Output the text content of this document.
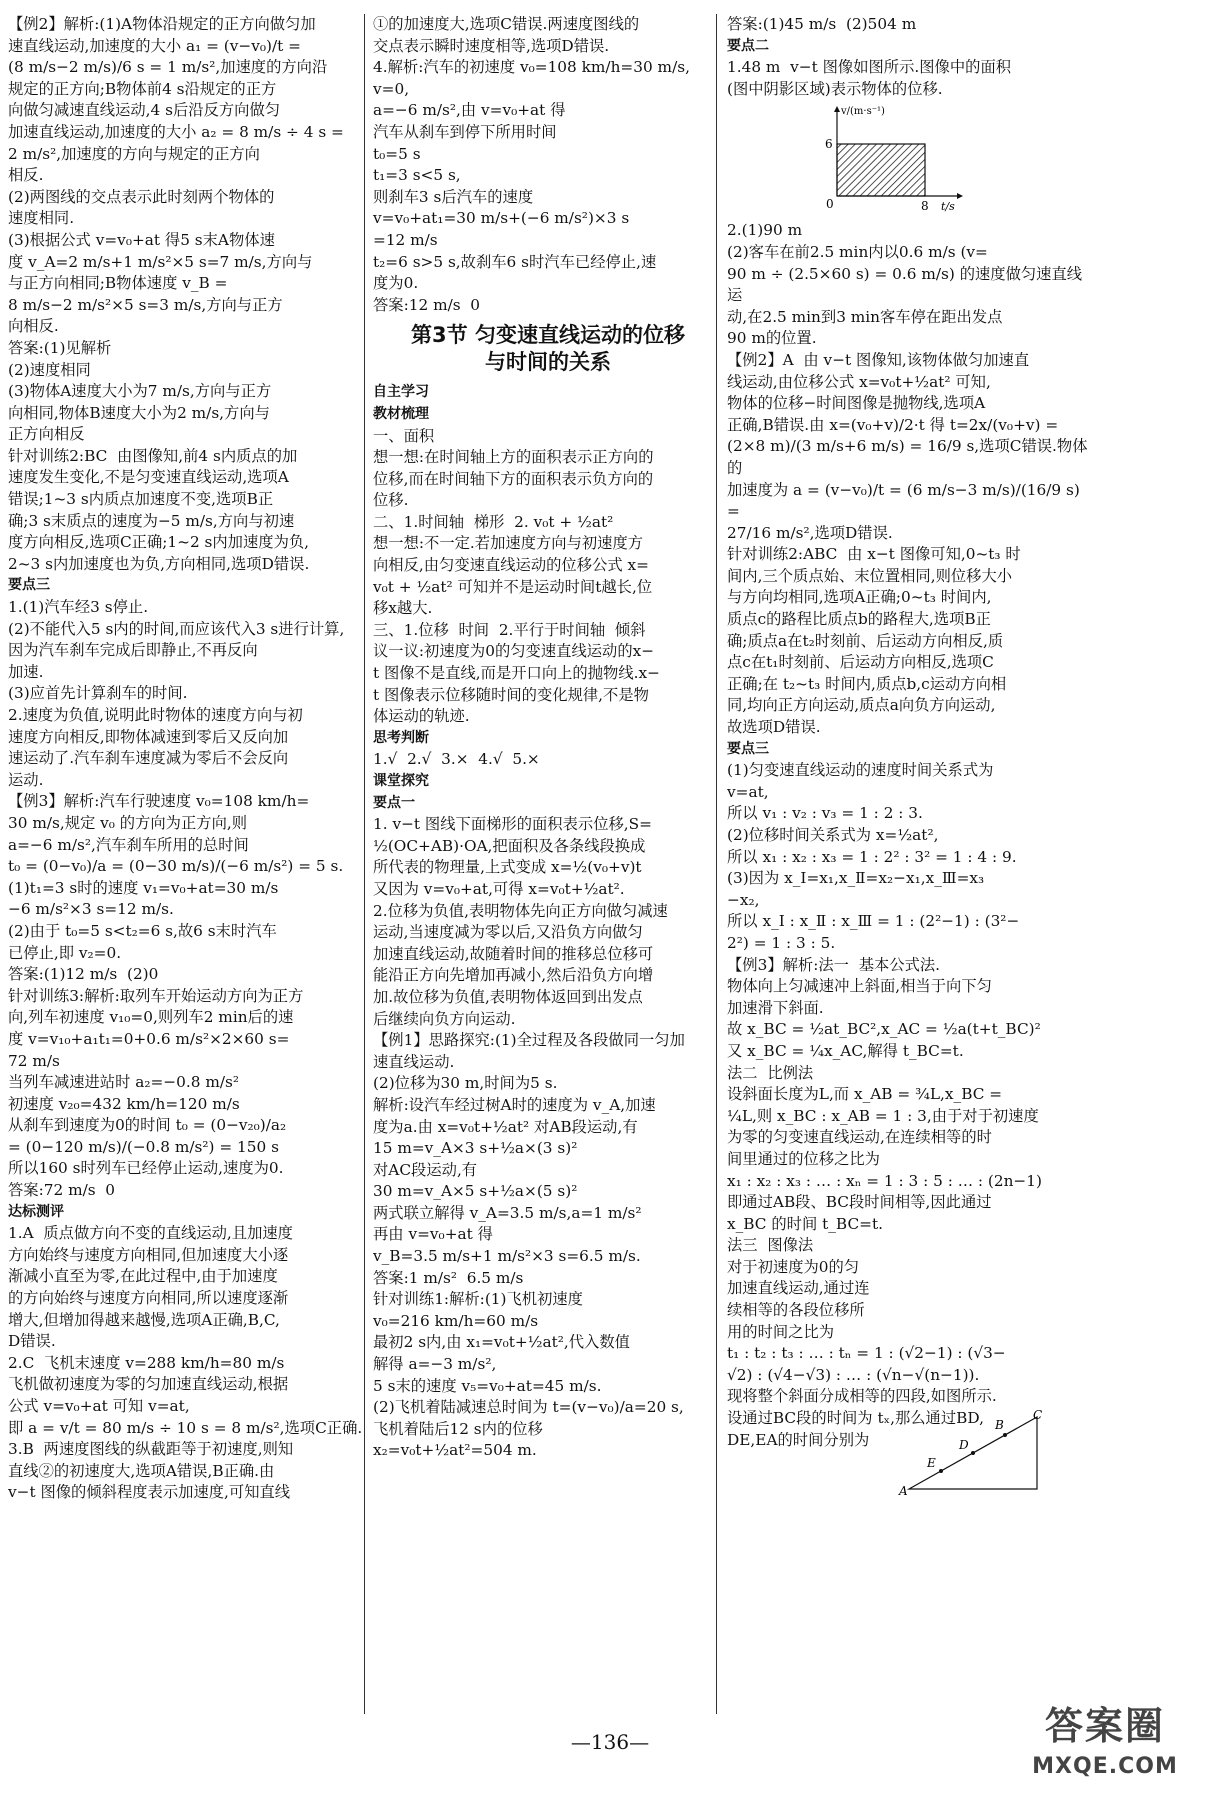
【例2】解析:(1)A物体沿规定的正方向做匀加
速直线运动,加速度的大小 a₁ = (v−v₀)/t =
(8 m/s−2 m/s)/6 s = 1 m/s²,加速度的方向沿
规定的正方向;B物体前4 s沿规定的正方
向做匀减速直线运动,4 s后沿反方向做匀
加速直线运动,加速度的大小 a₂ = 8 m/s ÷ 4 s =
2 m/s²,加速度的方向与规定的正方向
相反.
(2)两图线的交点表示此时刻两个物体的
速度相同.
(3)根据公式 v=v₀+at 得5 s末A物体速
度 v_A=2 m/s+1 m/s²×5 s=7 m/s,方向与
与正方向相同;B物体速度 v_B =
8 m/s−2 m/s²×5 s=3 m/s,方向与正方
向相反.
答案:(1)见解析
(2)速度相同
(3)物体A速度大小为7 m/s,方向与正方
向相同,物体B速度大小为2 m/s,方向与
正方向相反
针对训练2:BC  由图像知,前4 s内质点的加
速度发生变化,不是匀变速直线运动,选项A
错误;1~3 s内质点加速度不变,选项B正
确;3 s末质点的速度为−5 m/s,方向与初速
度方向相反,选项C正确;1~2 s内加速度为负,
2~3 s内加速度也为负,方向相同,选项D错误.
要点三
1.(1)汽车经3 s停止.
(2)不能代入5 s内的时间,而应该代入3 s进行计算,
因为汽车刹车完成后即静止,不再反向
加速.
(3)应首先计算刹车的时间.
2.速度为负值,说明此时物体的速度方向与初
速度方向相反,即物体减速到零后又反向加
速运动了.汽车刹车速度减为零后不会反向
运动.
【例3】解析:汽车行驶速度 v₀=108 km/h=
30 m/s,规定 v₀ 的方向为正方向,则
a=−6 m/s²,汽车刹车所用的总时间
t₀ = (0−v₀)/a = (0−30 m/s)/(−6 m/s²) = 5 s.
(1)t₁=3 s时的速度 v₁=v₀+at=30 m/s
−6 m/s²×3 s=12 m/s.
(2)由于 t₀=5 s<t₂=6 s,故6 s末时汽车
已停止,即 v₂=0.
答案:(1)12 m/s  (2)0
针对训练3:解析:取列车开始运动方向为正方
向,列车初速度 v₁₀=0,则列车2 min后的速
度 v=v₁₀+a₁t₁=0+0.6 m/s²×2×60 s=
72 m/s
当列车减速进站时 a₂=−0.8 m/s²
初速度 v₂₀=432 km/h=120 m/s
从刹车到速度为0的时间 t₀ = (0−v₂₀)/a₂
= (0−120 m/s)/(−0.8 m/s²) = 150 s
所以160 s时列车已经停止运动,速度为0.
答案:72 m/s  0
达标测评
1.A  质点做方向不变的直线运动,且加速度
方向始终与速度方向相同,但加速度大小逐
渐减小直至为零,在此过程中,由于加速度
的方向始终与速度方向相同,所以速度逐渐
增大,但增加得越来越慢,选项A正确,B,C,
D错误.
2.C  飞机末速度 v=288 km/h=80 m/s
飞机做初速度为零的匀加速直线运动,根据
公式 v=v₀+at 可知 v=at,
即 a = v/t = 80 m/s ÷ 10 s = 8 m/s²,选项C正确.
3.B  两速度图线的纵截距等于初速度,则知
直线②的初速度大,选项A错误,B正确.由
v−t 图像的倾斜程度表示加速度,可知直线
①的加速度大,选项C错误.两速度图线的
交点表示瞬时速度相等,选项D错误.
4.解析:汽车的初速度 v₀=108 km/h=30 m/s,
v=0,
a=−6 m/s²,由 v=v₀+at 得
汽车从刹车到停下所用时间
t₀=5 s
t₁=3 s<5 s,
则刹车3 s后汽车的速度
v=v₀+at₁=30 m/s+(−6 m/s²)×3 s
=12 m/s
t₂=6 s>5 s,故刹车6 s时汽车已经停止,速
度为0.
答案:12 m/s  0
第3节 匀变速直线运动的位移
与时间的关系
自主学习
教材梳理
一、面积
想一想:在时间轴上方的面积表示正方向的
位移,而在时间轴下方的面积表示负方向的
位移.
二、1.时间轴  梯形  2. v₀t + ½at²
想一想:不一定.若加速度方向与初速度方
向相反,由匀变速直线运动的位移公式 x=
v₀t + ½at² 可知并不是运动时间t越长,位
移x越大.
三、1.位移  时间  2.平行于时间轴  倾斜
议一议:初速度为0的匀变速直线运动的x−
t 图像不是直线,而是开口向上的抛物线.x−
t 图像表示位移随时间的变化规律,不是物
体运动的轨迹.
思考判断
1.√  2.√  3.×  4.√  5.×
课堂探究
要点一
1. v−t 图线下面梯形的面积表示位移,S=
½(OC+AB)·OA,把面积及各条线段换成
所代表的物理量,上式变成 x=½(v₀+v)t
又因为 v=v₀+at,可得 x=v₀t+½at².
2.位移为负值,表明物体先向正方向做匀减速
运动,当速度减为零以后,又沿负方向做匀
加速直线运动,故随着时间的推移总位移可
能沿正方向先增加再减小,然后沿负方向增
加.故位移为负值,表明物体返回到出发点
后继续向负方向运动.
【例1】思路探究:(1)全过程及各段做同一匀加
速直线运动.
(2)位移为30 m,时间为5 s.
解析:设汽车经过树A时的速度为 v_A,加速
度为a.由 x=v₀t+½at² 对AB段运动,有
15 m=v_A×3 s+½a×(3 s)²
对AC段运动,有
30 m=v_A×5 s+½a×(5 s)²
两式联立解得 v_A=3.5 m/s,a=1 m/s²
再由 v=v₀+at 得
v_B=3.5 m/s+1 m/s²×3 s=6.5 m/s.
答案:1 m/s²  6.5 m/s
针对训练1:解析:(1)飞机初速度
v₀=216 km/h=60 m/s
最初2 s内,由 x₁=v₀t+½at²,代入数值
解得 a=−3 m/s²,
5 s末的速度 v₅=v₀+at=45 m/s.
(2)飞机着陆减速总时间为 t=(v−v₀)/a=20 s,
飞机着陆后12 s内的位移
x₂=v₀t+½at²=504 m.
答案:(1)45 m/s  (2)504 m
要点二
1.48 m  v−t 图像如图所示.图像中的面积
(图中阴影区域)表示物体的位移.
v/(m·s⁻¹)
t/s
6
8
0
2.(1)90 m
(2)客车在前2.5 min内以0.6 m/s (v=
90 m ÷ (2.5×60 s) = 0.6 m/s) 的速度做匀速直线运
动,在2.5 min到3 min客车停在距出发点
90 m的位置.
【例2】A  由 v−t 图像知,该物体做匀加速直
线运动,由位移公式 x=v₀t+½at² 可知,
物体的位移−时间图像是抛物线,选项A
正确,B错误.由 x=(v₀+v)/2·t 得 t=2x/(v₀+v) =
(2×8 m)/(3 m/s+6 m/s) = 16/9 s,选项C错误.物体的
加速度为 a = (v−v₀)/t = (6 m/s−3 m/s)/(16/9 s) =
27/16 m/s²,选项D错误.
针对训练2:ABC  由 x−t 图像可知,0~t₃ 时
间内,三个质点始、末位置相同,则位移大小
与方向均相同,选项A正确;0~t₃ 时间内,
质点c的路程比质点b的路程大,选项B正
确;质点a在t₂时刻前、后运动方向相反,质
点c在t₁时刻前、后运动方向相反,选项C
正确;在 t₂~t₃ 时间内,质点b,c运动方向相
同,均向正方向运动,质点a向负方向运动,
故选项D错误.
要点三
(1)匀变速直线运动的速度时间关系式为
v=at,
所以 v₁ : v₂ : v₃ = 1 : 2 : 3.
(2)位移时间关系式为 x=½at²,
所以 x₁ : x₂ : x₃ = 1 : 2² : 3² = 1 : 4 : 9.
(3)因为 x_Ⅰ=x₁,x_Ⅱ=x₂−x₁,x_Ⅲ=x₃
−x₂,
所以 x_Ⅰ : x_Ⅱ : x_Ⅲ = 1 : (2²−1) : (3²−
2²) = 1 : 3 : 5.
【例3】解析:法一  基本公式法.
物体向上匀减速冲上斜面,相当于向下匀
加速滑下斜面.
故 x_BC = ½at_BC²,x_AC = ½a(t+t_BC)²
又 x_BC = ¼x_AC,解得 t_BC=t.
法二  比例法
设斜面长度为L,而 x_AB = ¾L,x_BC =
¼L,则 x_BC : x_AB = 1 : 3,由于对于初速度
为零的匀变速直线运动,在连续相等的时
间里通过的位移之比为
x₁ : x₂ : x₃ : … : xₙ = 1 : 3 : 5 : … : (2n−1)
即通过AB段、BC段时间相等,因此通过
x_BC 的时间 t_BC=t.
法三  图像法
对于初速度为0的匀
加速直线运动,通过连
续相等的各段位移所
用的时间之比为
t₁ : t₂ : t₃ : … : tₙ = 1 : (√2−1) : (√3−
√2) : (√4−√3) : … : (√n−√(n−1)).
现将整个斜面分成相等的四段,如图所示.
设通过BC段的时间为 tₓ,那么通过BD,
DE,EA的时间分别为
A
E
D
B
C
—136—	答案圈
MXQE.COM
